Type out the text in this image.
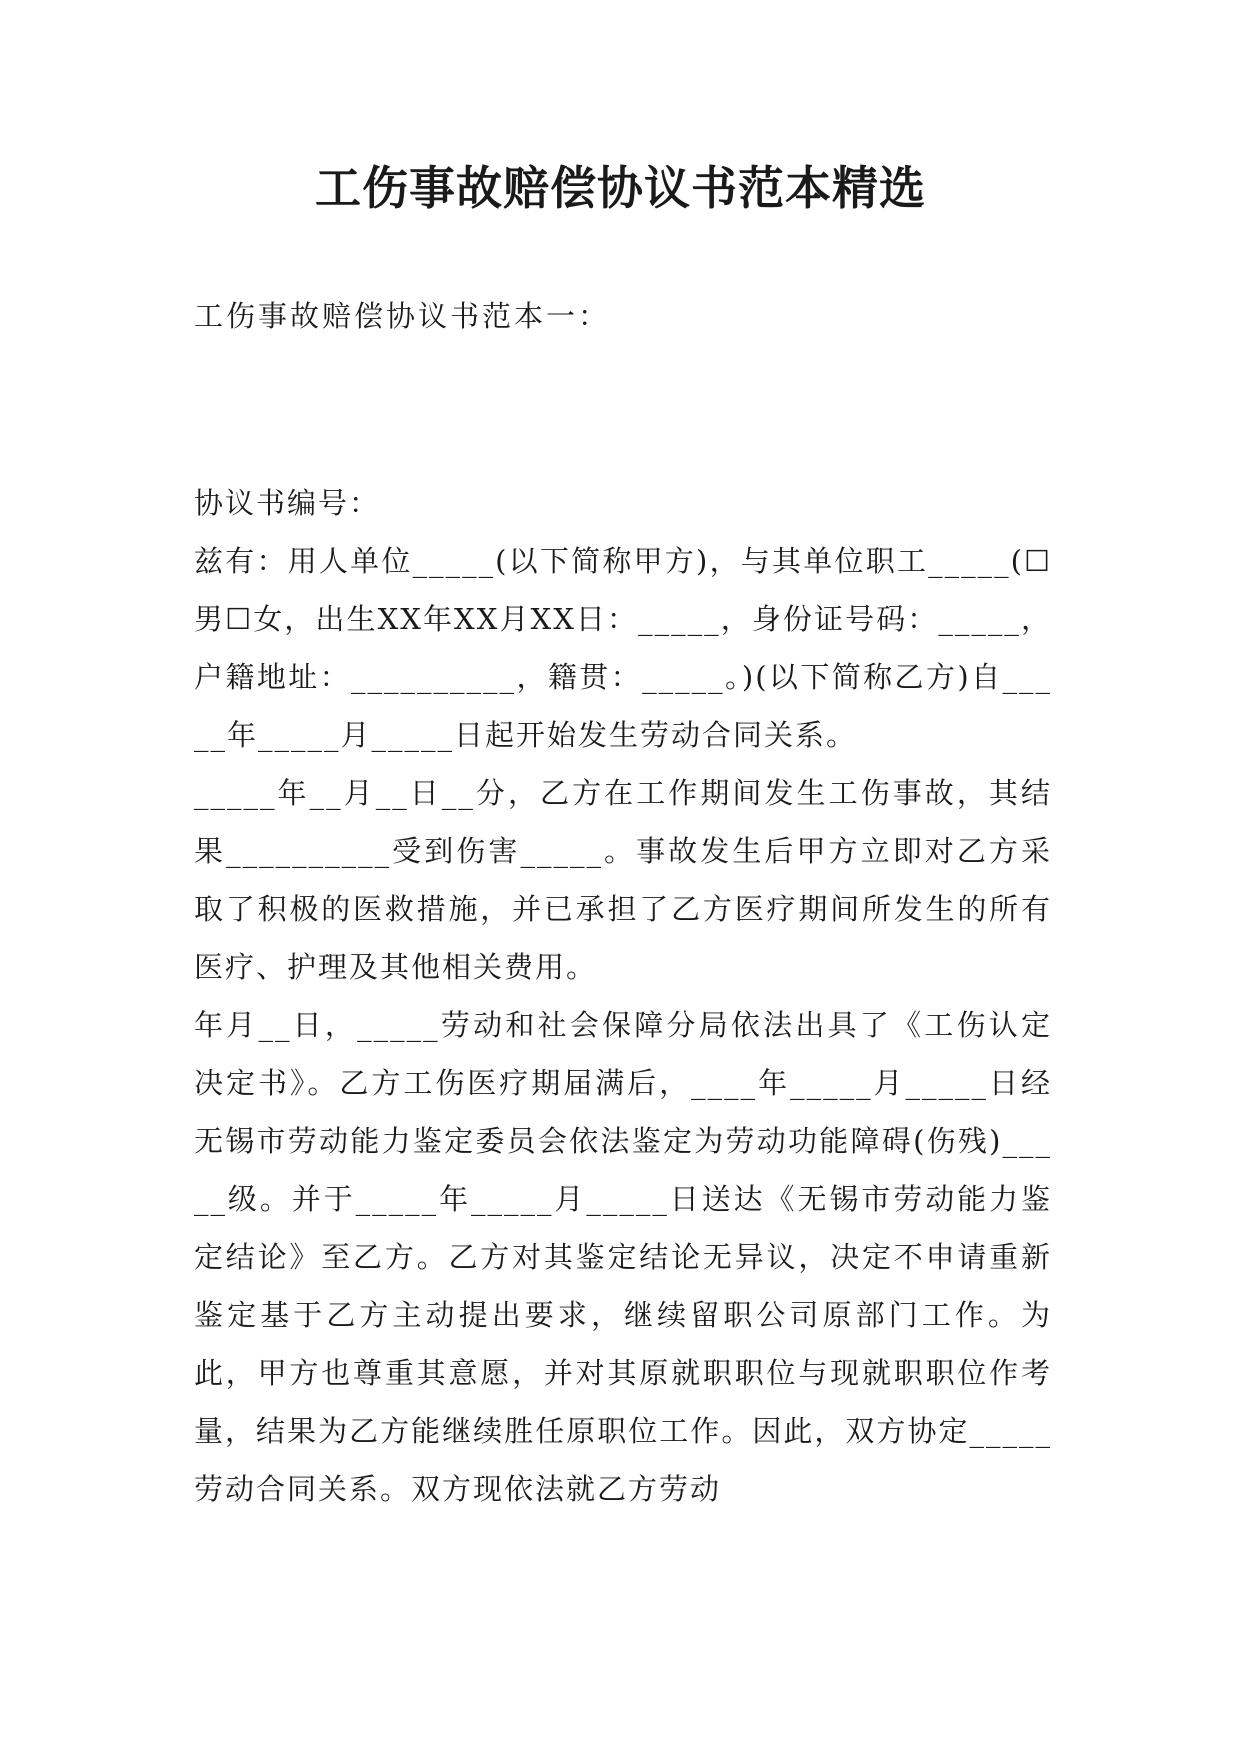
工伤事故赔偿协议书范本精选
工伤事故赔偿协议书范本一：

协议书编号：

兹有：用人单位_____(以下简称甲方)，与其单位职工_____(☐男☐女，出生XX年XX月XX日：_____，身份证号码：_____，户籍地址：__________，籍贯：_____。)(以下简称乙方)自_____年_____月_____日起开始发生劳动合同关系。

_____年__月__日__分，乙方在工作期间发生工伤事故，其结果__________受到伤害_____。事故发生后甲方立即对乙方采取了积极的医救措施，并已承担了乙方医疗期间所发生的所有医疗、护理及其他相关费用。

年月__日，_____劳动和社会保障分局依法出具了《工伤认定决定书》。乙方工伤医疗期届满后，____年_____月_____日经无锡市劳动能力鉴定委员会依法鉴定为劳动功能障碍(伤残)_____级。并于_____年_____月_____日送达《无锡市劳动能力鉴定结论》至乙方。乙方对其鉴定结论无异议，决定不申请重新鉴定基于乙方主动提出要求，继续留职公司原部门工作。为此，甲方也尊重其意愿，并对其原就职职位与现就职职位作考量，结果为乙方能继续胜任原职位工作。因此，双方协定_____劳动合同关系。双方现依法就乙方劳动
